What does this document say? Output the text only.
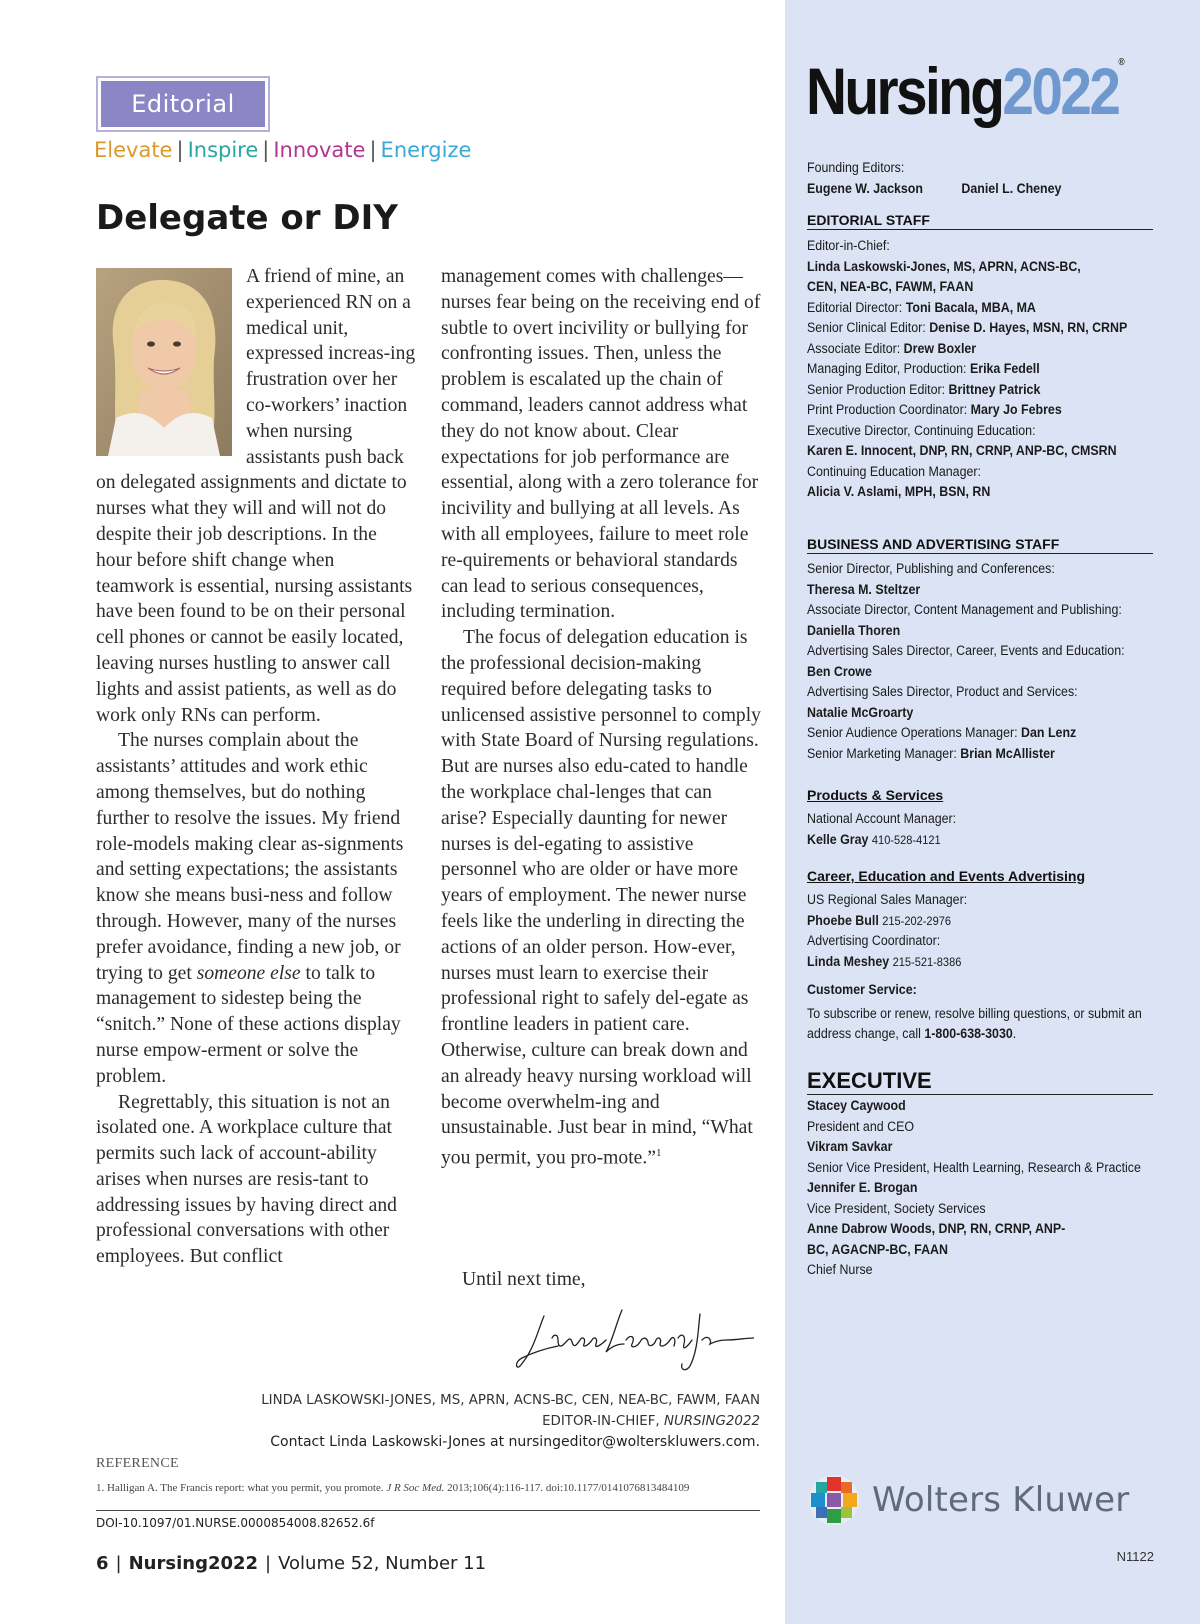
Editorial
Elevate | Inspire | Innovate | Energize
Delegate or DIY

A friend of mine, an experienced RN on a medical unit, expressed increas-ing frustration over her co-workers’ inaction when nursing assistants push back on delegated assignments and dictate to nurses what they will and will not do despite their job descriptions. In the hour before shift change when teamwork is essential, nursing assistants have been found to be on their personal cell phones or cannot be easily located, leaving nurses hustling to answer call lights and assist patients, as well as do work only RNs can perform.

The nurses complain about the assistants’ attitudes and work ethic among themselves, but do nothing further to resolve the issues. My friend role-models making clear as-signments and setting expectations; the assistants know she means busi-ness and follow through. However, many of the nurses prefer avoidance, finding a new job, or trying to get someone else to talk to management to sidestep being the “snitch.” None of these actions display nurse empow-erment or solve the problem.

Regrettably, this situation is not an isolated one. A workplace culture that permits such lack of account-ability arises when nurses are resis-tant to addressing issues by having direct and professional conversations with other employees. But conflict

management comes with challenges—nurses fear being on the receiving end of subtle to overt incivility or bullying for confronting issues. Then, unless the problem is escalated up the chain of command, leaders cannot address what they do not know about. Clear expectations for job performance are essential, along with a zero tolerance for incivility and bullying at all levels. As with all employees, failure to meet role re-quirements or behavioral standards can lead to serious consequences, including termination.

The focus of delegation education is the professional decision-making required before delegating tasks to unlicensed assistive personnel to comply with State Board of Nursing regulations. But are nurses also edu-cated to handle the workplace chal-lenges that can arise? Especially daunting for newer nurses is del-egating to assistive personnel who are older or have more years of employment. The newer nurse feels like the underling in directing the actions of an older person. How-ever, nurses must learn to exercise their professional right to safely del-egate as frontline leaders in patient care. Otherwise, culture can break down and an already heavy nursing workload will become overwhelm-ing and unsustainable. Just bear in mind, “What you permit, you pro-mote.”$^1$

Until next time,
LINDA LASKOWSKI-JONES, MS, APRN, ACNS-BC, CEN, NEA-BC, FAWM, FAAN
EDITOR-IN-CHIEF, NURSING2022
Contact Linda Laskowski-Jones at nursingeditor@wolterskluwers.com.
REFERENCE
1. Halligan A. The Francis report: what you permit, you promote. J R Soc Med. 2013;106(4):116-117. doi:10.1177/0141076813484109
DOI-10.1097/01.NURSE.0000854008.82652.6f
6 | Nursing2022 | Volume 52, Number 11
Nursing2022®
Founding Editors:
Eugene W. Jackson	Daniel L. Cheney
EDITORIAL STAFF
Editor-in-Chief:
Linda Laskowski-Jones, MS, APRN, ACNS-BC, CEN, NEA-BC, FAWM, FAAN
Editorial Director: Toni Bacala, MBA, MA
Senior Clinical Editor: Denise D. Hayes, MSN, RN, CRNP
Associate Editor: Drew Boxler
Managing Editor, Production: Erika Fedell
Senior Production Editor: Brittney Patrick
Print Production Coordinator: Mary Jo Febres
Executive Director, Continuing Education:
Karen E. Innocent, DNP, RN, CRNP, ANP-BC, CMSRN
Continuing Education Manager:
Alicia V. Aslami, MPH, BSN, RN
BUSINESS AND ADVERTISING STAFF
Senior Director, Publishing and Conferences:
Theresa M. Steltzer
Associate Director, Content Management and Publishing:
Daniella Thoren
Advertising Sales Director, Career, Events and Education:
Ben Crowe
Advertising Sales Director, Product and Services:
Natalie McGroarty
Senior Audience Operations Manager: Dan Lenz
Senior Marketing Manager: Brian McAllister
Products & Services
National Account Manager:
Kelle Gray 410-528-4121
Career, Education and Events Advertising
US Regional Sales Manager:
Phoebe Bull 215-202-2976
Advertising Coordinator:
Linda Meshey 215-521-8386
Customer Service:
To subscribe or renew, resolve billing questions, or submit an address change, call 1-800-638-3030.
EXECUTIVE
Stacey Caywood
President and CEO
Vikram Savkar
Senior Vice President, Health Learning, Research & Practice
Jennifer E. Brogan
Vice President, Society Services
Anne Dabrow Woods, DNP, RN, CRNP, ANP-BC, AGACNP-BC, FAAN
Chief Nurse
Wolters Kluwer
N1122
